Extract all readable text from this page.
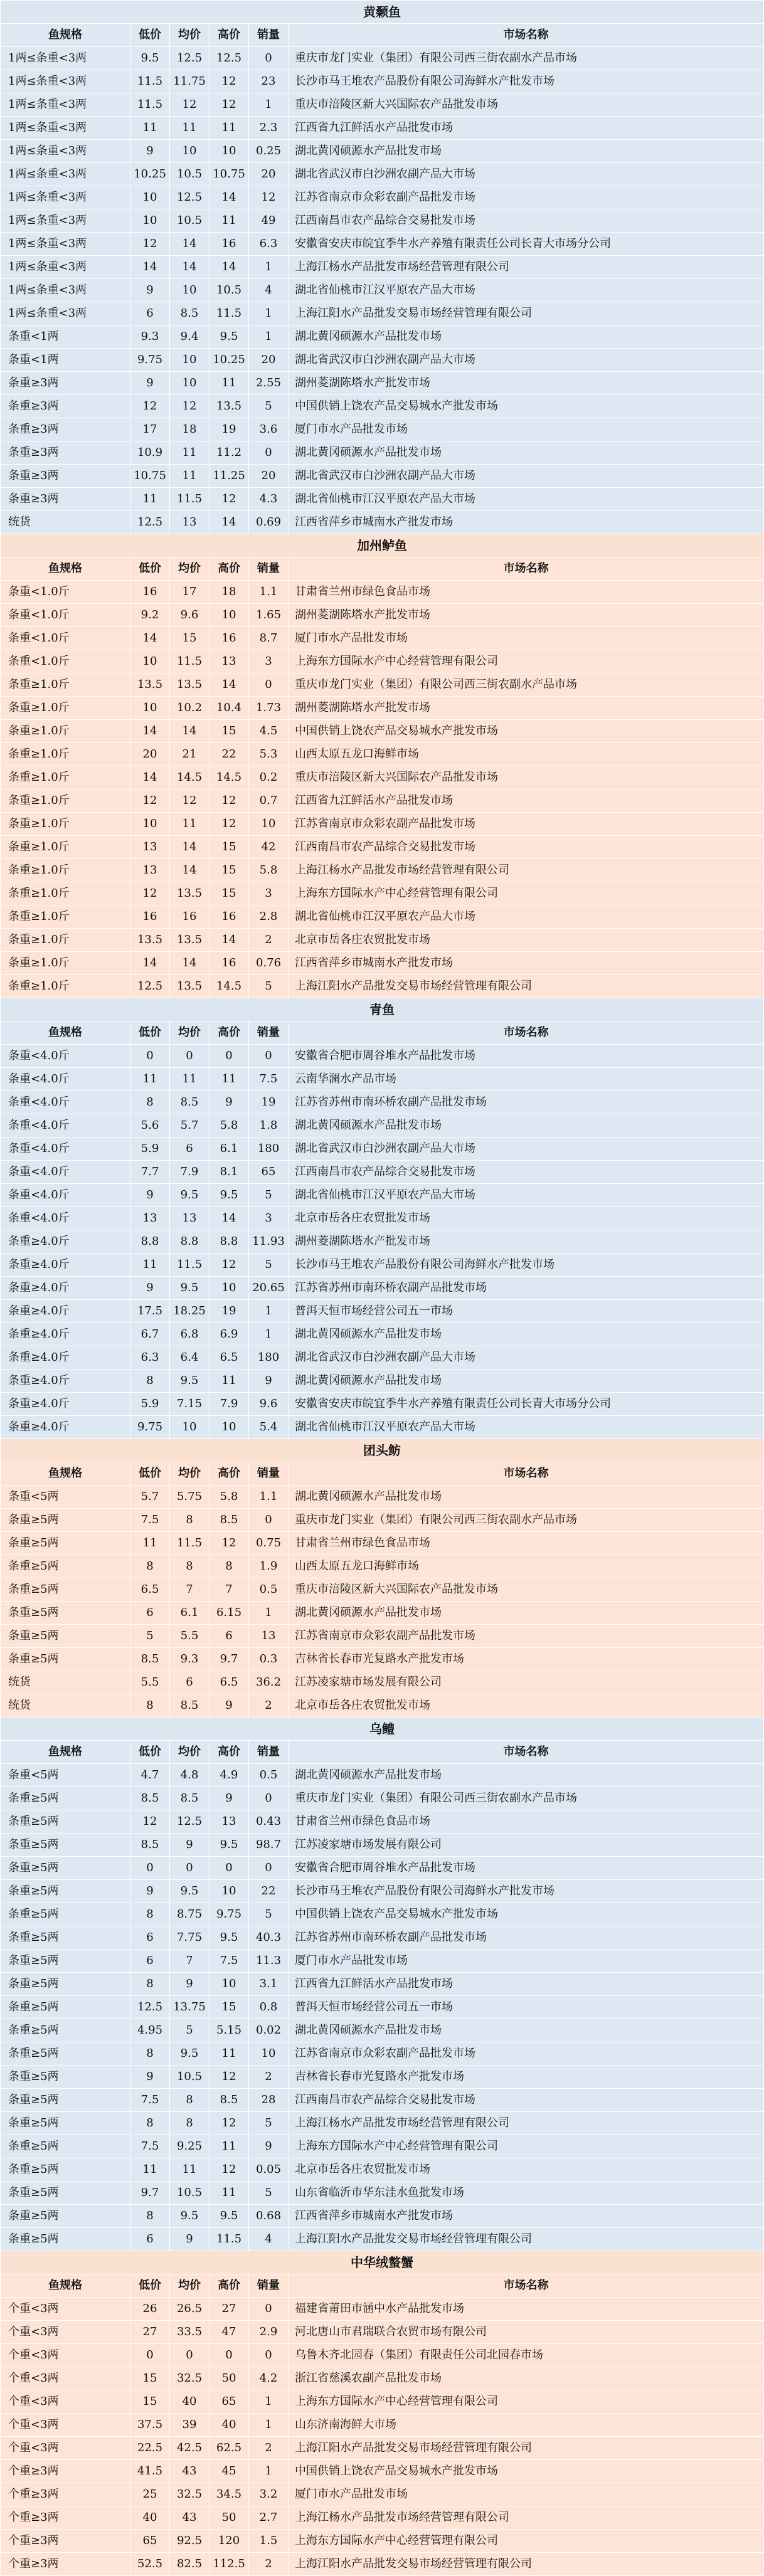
黄颡鱼					
鱼规格	低价	均价	高价	销量	市场名称
1两≤条重<3两	9.5	12.5	12.5	0	重庆市龙门实业（集团）有限公司西三街农副水产品市场
1两≤条重<3两	11.5	11.75	12	23	长沙市马王堆农产品股份有限公司海鲜水产批发市场
1两≤条重<3两	11.5	12	12	1	重庆市涪陵区新大兴国际农产品批发市场
1两≤条重<3两	11	11	11	2.3	江西省九江鲜活水产品批发市场
1两≤条重<3两	9	10	10	0.25	湖北黄冈硕源水产品批发市场
1两≤条重<3两	10.25	10.5	10.75	20	湖北省武汉市白沙洲农副产品大市场
1两≤条重<3两	10	12.5	14	12	江苏省南京市众彩农副产品批发市场
1两≤条重<3两	10	10.5	11	49	江西南昌市农产品综合交易批发市场
1两≤条重<3两	12	14	16	6.3	安徽省安庆市皖宜季牛水产养殖有限责任公司长青大市场分公司
1两≤条重<3两	14	14	14	1	上海江杨水产品批发市场经营管理有限公司
1两≤条重<3两	9	10	10.5	4	湖北省仙桃市江汉平原农产品大市场
1两≤条重<3两	6	8.5	11.5	1	上海江阳水产品批发交易市场经营管理有限公司
条重<1两	9.3	9.4	9.5	1	湖北黄冈硕源水产品批发市场
条重<1两	9.75	10	10.25	20	湖北省武汉市白沙洲农副产品大市场
条重≥3两	9	10	11	2.55	湖州菱湖陈塔水产批发市场
条重≥3两	12	12	13.5	5	中国供销上饶农产品交易城水产批发市场
条重≥3两	17	18	19	3.6	厦门市水产品批发市场
条重≥3两	10.9	11	11.2	0	湖北黄冈硕源水产品批发市场
条重≥3两	10.75	11	11.25	20	湖北省武汉市白沙洲农副产品大市场
条重≥3两	11	11.5	12	4.3	湖北省仙桃市江汉平原农产品大市场
统货	12.5	13	14	0.69	江西省萍乡市城南水产批发市场
加州鲈鱼					
鱼规格	低价	均价	高价	销量	市场名称
条重<1.0斤	16	17	18	1.1	甘肃省兰州市绿色食品市场
条重<1.0斤	9.2	9.6	10	1.65	湖州菱湖陈塔水产批发市场
条重<1.0斤	14	15	16	8.7	厦门市水产品批发市场
条重<1.0斤	10	11.5	13	3	上海东方国际水产中心经营管理有限公司
条重≥1.0斤	13.5	13.5	14	0	重庆市龙门实业（集团）有限公司西三街农副水产品市场
条重≥1.0斤	10	10.2	10.4	1.73	湖州菱湖陈塔水产批发市场
条重≥1.0斤	14	14	15	4.5	中国供销上饶农产品交易城水产批发市场
条重≥1.0斤	20	21	22	5.3	山西太原五龙口海鲜市场
条重≥1.0斤	14	14.5	14.5	0.2	重庆市涪陵区新大兴国际农产品批发市场
条重≥1.0斤	12	12	12	0.7	江西省九江鲜活水产品批发市场
条重≥1.0斤	10	11	12	10	江苏省南京市众彩农副产品批发市场
条重≥1.0斤	13	14	15	42	江西南昌市农产品综合交易批发市场
条重≥1.0斤	13	14	15	5.8	上海江杨水产品批发市场经营管理有限公司
条重≥1.0斤	12	13.5	15	3	上海东方国际水产中心经营管理有限公司
条重≥1.0斤	16	16	16	2.8	湖北省仙桃市江汉平原农产品大市场
条重≥1.0斤	13.5	13.5	14	2	北京市岳各庄农贸批发市场
条重≥1.0斤	14	14	16	0.76	江西省萍乡市城南水产批发市场
条重≥1.0斤	12.5	13.5	14.5	5	上海江阳水产品批发交易市场经营管理有限公司
青鱼					
鱼规格	低价	均价	高价	销量	市场名称
条重<4.0斤	0	0	0	0	安徽省合肥市周谷堆水产品批发市场
条重<4.0斤	11	11	11	7.5	云南华澜水产品市场
条重<4.0斤	8	8.5	9	19	江苏省苏州市南环桥农副产品批发市场
条重<4.0斤	5.6	5.7	5.8	1.8	湖北黄冈硕源水产品批发市场
条重<4.0斤	5.9	6	6.1	180	湖北省武汉市白沙洲农副产品大市场
条重<4.0斤	7.7	7.9	8.1	65	江西南昌市农产品综合交易批发市场
条重<4.0斤	9	9.5	9.5	5	湖北省仙桃市江汉平原农产品大市场
条重<4.0斤	13	13	14	3	北京市岳各庄农贸批发市场
条重≥4.0斤	8.8	8.8	8.8	11.93	湖州菱湖陈塔水产批发市场
条重≥4.0斤	11	11.5	12	5	长沙市马王堆农产品股份有限公司海鲜水产批发市场
条重≥4.0斤	9	9.5	10	20.65	江苏省苏州市南环桥农副产品批发市场
条重≥4.0斤	17.5	18.25	19	1	普洱天恒市场经营公司五一市场
条重≥4.0斤	6.7	6.8	6.9	1	湖北黄冈硕源水产品批发市场
条重≥4.0斤	6.3	6.4	6.5	180	湖北省武汉市白沙洲农副产品大市场
条重≥4.0斤	8	9.5	11	9	湖北黄冈硕源水产品批发市场
条重≥4.0斤	5.9	7.15	7.9	9.6	安徽省安庆市皖宜季牛水产养殖有限责任公司长青大市场分公司
条重≥4.0斤	9.75	10	10	5.4	湖北省仙桃市江汉平原农产品大市场
团头鲂					
鱼规格	低价	均价	高价	销量	市场名称
条重<5两	5.7	5.75	5.8	1.1	湖北黄冈硕源水产品批发市场
条重≥5两	7.5	8	8.5	0	重庆市龙门实业（集团）有限公司西三街农副水产品市场
条重≥5两	11	11.5	12	0.75	甘肃省兰州市绿色食品市场
条重≥5两	8	8	8	1.9	山西太原五龙口海鲜市场
条重≥5两	6.5	7	7	0.5	重庆市涪陵区新大兴国际农产品批发市场
条重≥5两	6	6.1	6.15	1	湖北黄冈硕源水产品批发市场
条重≥5两	5	5.5	6	13	江苏省南京市众彩农副产品批发市场
条重≥5两	8.5	9.3	9.7	0.3	吉林省长春市光复路水产批发市场
统货	5.5	6	6.5	36.2	江苏凌家塘市场发展有限公司
统货	8	8.5	9	2	北京市岳各庄农贸批发市场
乌鳢					
鱼规格	低价	均价	高价	销量	市场名称
条重<5两	4.7	4.8	4.9	0.5	湖北黄冈硕源水产品批发市场
条重≥5两	8.5	8.5	9	0	重庆市龙门实业（集团）有限公司西三街农副水产品市场
条重≥5两	12	12.5	13	0.43	甘肃省兰州市绿色食品市场
条重≥5两	8.5	9	9.5	98.7	江苏凌家塘市场发展有限公司
条重≥5两	0	0	0	0	安徽省合肥市周谷堆水产品批发市场
条重≥5两	9	9.5	10	22	长沙市马王堆农产品股份有限公司海鲜水产批发市场
条重≥5两	8	8.75	9.75	5	中国供销上饶农产品交易城水产批发市场
条重≥5两	6	7.75	9.5	40.3	江苏省苏州市南环桥农副产品批发市场
条重≥5两	6	7	7.5	11.3	厦门市水产品批发市场
条重≥5两	8	9	10	3.1	江西省九江鲜活水产品批发市场
条重≥5两	12.5	13.75	15	0.8	普洱天恒市场经营公司五一市场
条重≥5两	4.95	5	5.15	0.02	湖北黄冈硕源水产品批发市场
条重≥5两	8	9.5	11	10	江苏省南京市众彩农副产品批发市场
条重≥5两	9	10.5	12	2	吉林省长春市光复路水产批发市场
条重≥5两	7.5	8	8.5	28	江西南昌市农产品综合交易批发市场
条重≥5两	8	8	12	5	上海江杨水产品批发市场经营管理有限公司
条重≥5两	7.5	9.25	11	9	上海东方国际水产中心经营管理有限公司
条重≥5两	11	11	12	0.05	北京市岳各庄农贸批发市场
条重≥5两	9.7	10.5	11	5	山东省临沂市华东洼水鱼批发市场
条重≥5两	8	9.5	9.5	0.68	江西省萍乡市城南水产批发市场
条重≥5两	6	9	11.5	4	上海江阳水产品批发交易市场经营管理有限公司
中华绒螯蟹					
鱼规格	低价	均价	高价	销量	市场名称
个重<3两	26	26.5	27	0	福建省莆田市涵中水产品批发市场
个重<3两	27	33.5	47	2.9	河北唐山市君瑞联合农贸市场有限公司
个重<3两	0	0	0	0	乌鲁木齐北园春（集团）有限责任公司北园春市场
个重<3两	15	32.5	50	4.2	浙江省慈溪农副产品批发市场
个重<3两	15	40	65	1	上海东方国际水产中心经营管理有限公司
个重<3两	37.5	39	40	1	山东济南海鲜大市场
个重<3两	22.5	42.5	62.5	2	上海江阳水产品批发交易市场经营管理有限公司
个重≥3两	41.5	43	45	1	中国供销上饶农产品交易城水产批发市场
个重≥3两	25	32.5	34.5	3.2	厦门市水产品批发市场
个重≥3两	40	43	50	2.7	上海江杨水产品批发市场经营管理有限公司
个重≥3两	65	92.5	120	1.5	上海东方国际水产中心经营管理有限公司
个重≥3两	52.5	82.5	112.5	2	上海江阳水产品批发交易市场经营管理有限公司
